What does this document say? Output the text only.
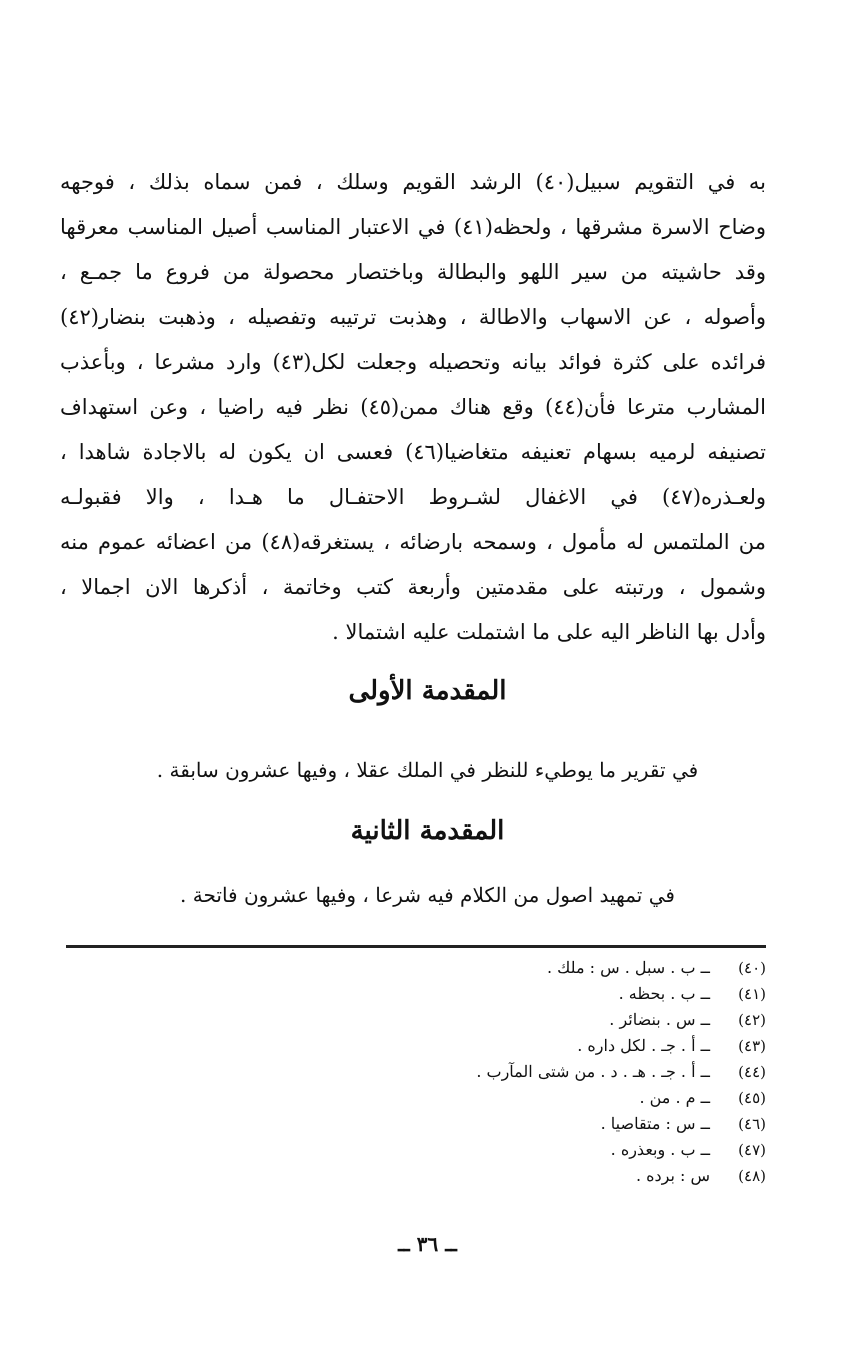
به في التقويم سبيل(٤٠) الرشد القويم وسلك ، فمن سماه بذلك ، فوجهه
وضاح الاسرة مشرقها ، ولحظه(٤١) في الاعتبار المناسب أصيل المناسب معرقها
وقد حاشيته من سير اللهو والبطالة وباختصار محصولة من فروع ما جمـع ،
وأصوله ، عن الاسهاب والاطالة ، وهذبت ترتيبه وتفصيله ، وذهبت بنضار(٤٢)
فرائده على كثرة فوائد بيانه وتحصيله وجعلت لكل(٤٣) وارد مشرعا ، وبأعذب
المشارب مترعا فأن(٤٤) وقع هناك ممن(٤٥) نظر فيه راضيا ، وعن استهداف
تصنيفه لرميه بسهام تعنيفه متغاضيا(٤٦) فعسى ان يكون له بالاجادة شاهدا ،
ولعـذره(٤٧) في الاغفال لشـروط الاحتفـال ما هـدا ، والا فقبولـه
من الملتمس له مأمول ، وسمحه بارضائه ، يستغرقه(٤٨) من اعضائه عموم منه
وشمول ، ورتبته على مقدمتين وأربعة كتب وخاتمة ، أذكرها الان اجمالا ،
وأدل بها الناظر اليه على ما اشتملت عليه اشتمالا .
المقدمة الأولى
في تقرير ما يوطيء للنظر في الملك عقلا ، وفيها عشرون سابقة .
المقدمة الثانية
في تمهيد اصول من الكلام فيه شرعا ، وفيها عشرون فاتحة .
(٤٠)
ــ ب . سبل . س : ملك .
(٤١)
ــ ب . بحظه .
(٤٢)
ــ س . بنضائر .
(٤٣)
ــ أ . جـ . لكل داره .
(٤٤)
ــ أ . جـ . هـ . د . من شتى المآرب .
(٤٥)
ــ م . من .
(٤٦)
ــ س : متقاصيا .
(٤٧)
ــ ب . وبعذره .
(٤٨)
س : برده .
ــ ٣٦ ــ
